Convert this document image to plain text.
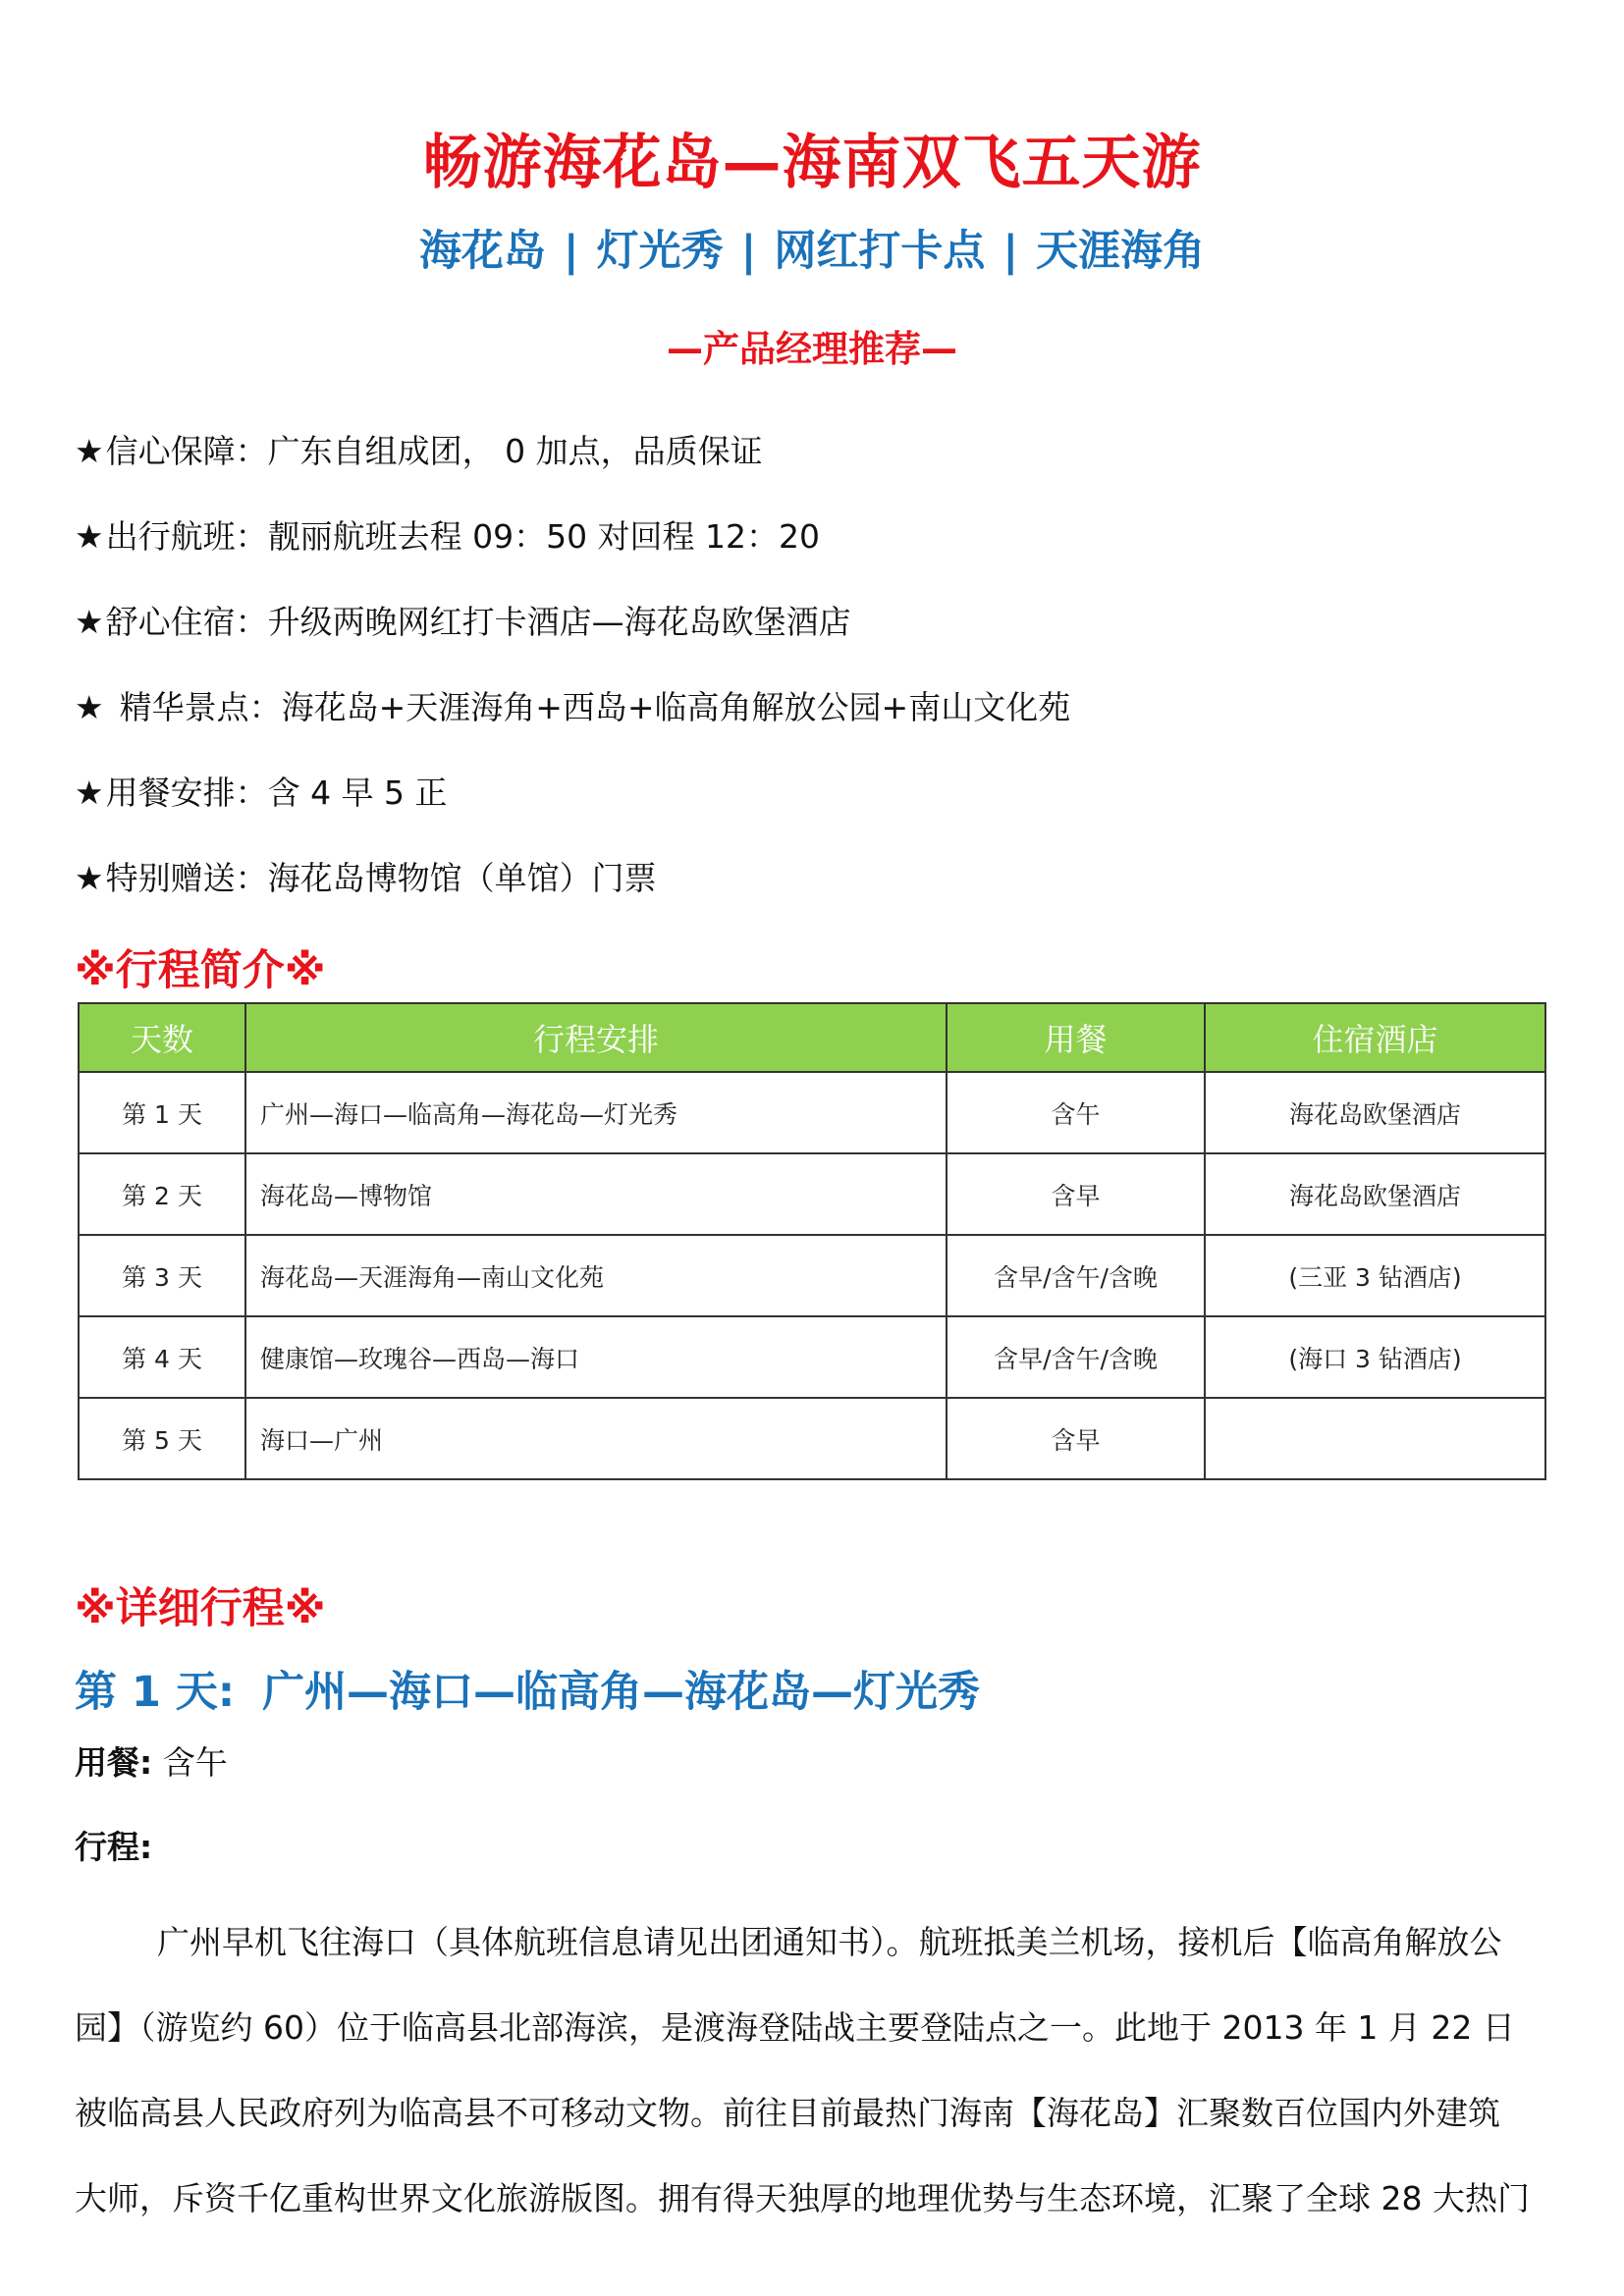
畅游海花岛—海南双飞五天游
海花岛 | 灯光秀 | 网红打卡点 | 天涯海角
—产品经理推荐—
★信心保障：广东自组成团， 0 加点，品质保证
★出行航班：靓丽航班去程 09：50 对回程 12：20
★舒心住宿：升级两晚网红打卡酒店—海花岛欧堡酒店
★ 精华景点：海花岛+天涯海角+西岛+临高角解放公园+南山文化苑
★用餐安排：含 4 早 5 正
★特别赠送：海花岛博物馆（单馆）门票
※行程简介※
天数	行程安排	用餐	住宿酒店
第 1 天	广州—海口—临高角—海花岛—灯光秀	含午	海花岛欧堡酒店
第 2 天	海花岛—博物馆	含早	海花岛欧堡酒店
第 3 天	海花岛—天涯海角—南山文化苑	含早/含午/含晚	(三亚 3 钻酒店)
第 4 天	健康馆—玫瑰谷—西岛—海口	含早/含午/含晚	(海口 3 钻酒店)
第 5 天	海口—广州	含早	
※详细行程※
第 1 天: 广州—海口—临高角—海花岛—灯光秀
用餐: 含午
行程:
广州早机飞往海口（具体航班信息请见出团通知书）。航班抵美兰机场，接机后【临高角解放公
园】（游览约 60）位于临高县北部海滨，是渡海登陆战主要登陆点之一。此地于 2013 年 1 月 22 日
被临高县人民政府列为临高县不可移动文物。前往目前最热门海南【海花岛】汇聚数百位国内外建筑
大师，斥资千亿重构世界文化旅游版图。拥有得天独厚的地理优势与生态环境，汇聚了全球 28 大热门
